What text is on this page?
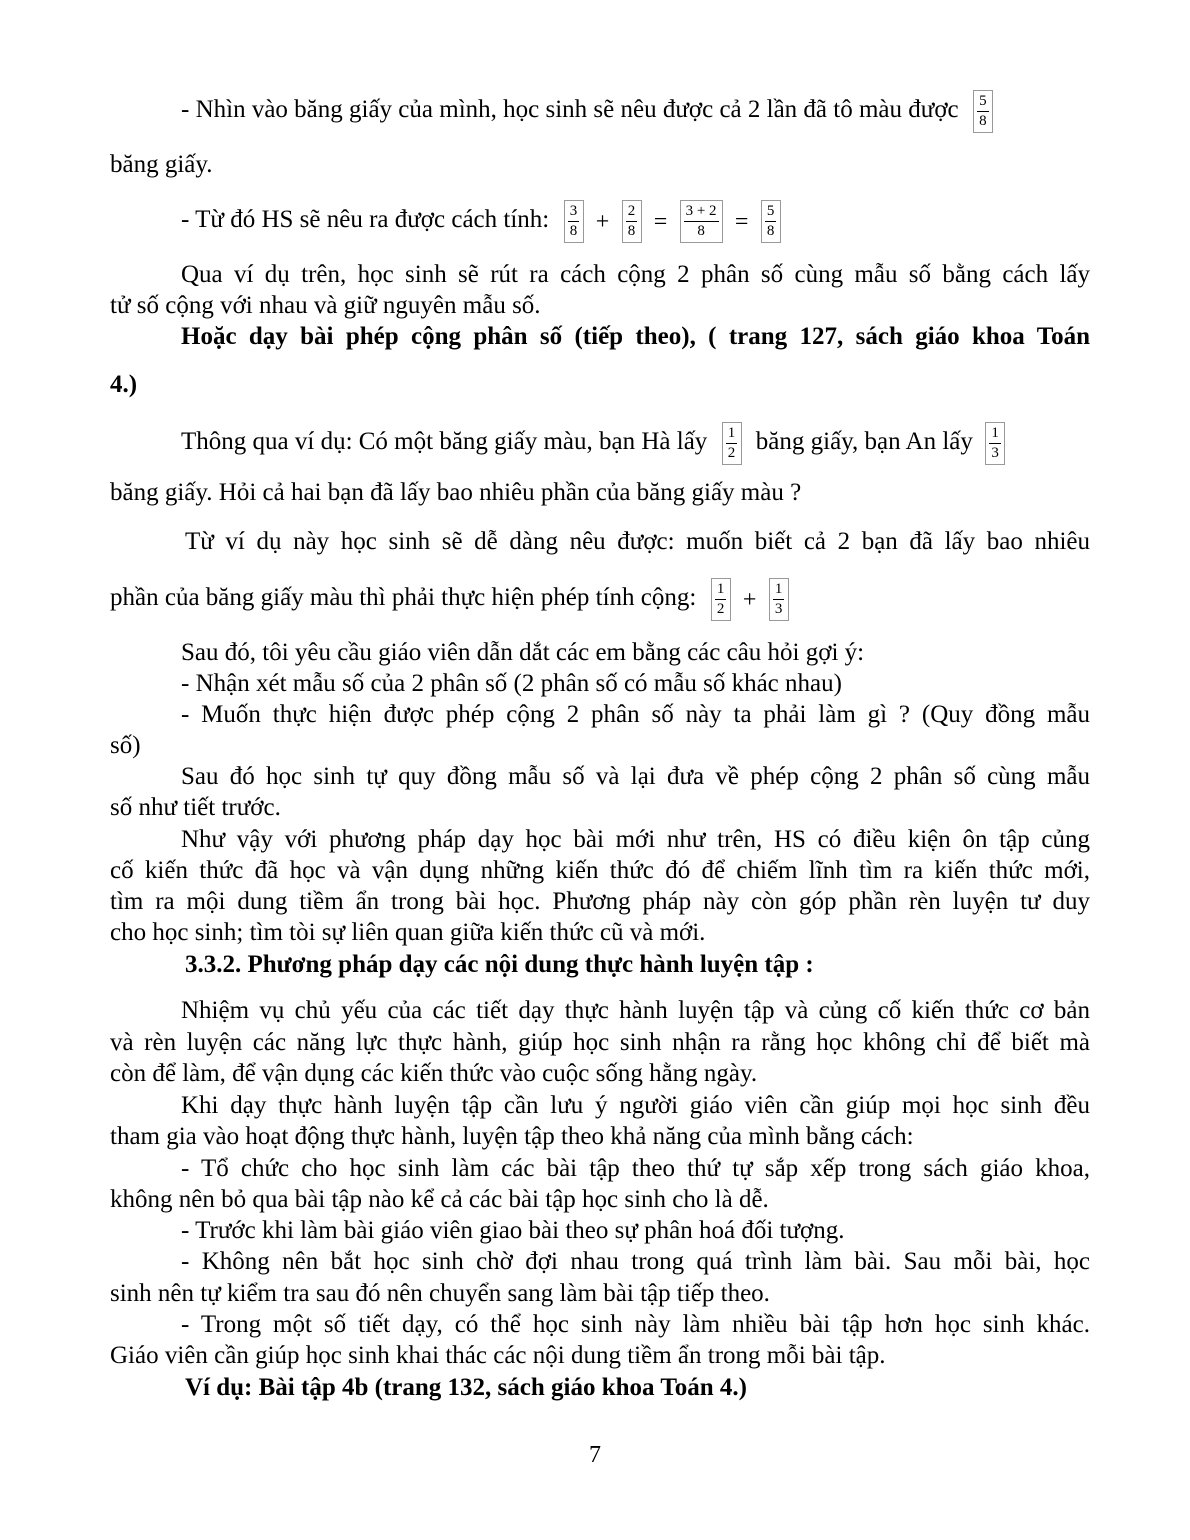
- Nhìn vào băng giấy của mình, học sinh sẽ nêu được cả 2 lần đã tô màu được $\frac{5}{8}$
băng giấy.
- Từ đó HS sẽ nêu ra được cách tính: $\frac{3}{8} + \frac{2}{8} = \frac{3 + 2}{8} = \frac{5}{8}$
Qua ví dụ trên, học sinh sẽ rút ra cách cộng 2 phân số cùng mẫu số bằng cách lấy
tử số cộng với nhau và giữ nguyên mẫu số.
Hoặc dạy bài phép cộng phân số (tiếp theo), ( trang 127, sách giáo khoa Toán
4.)
Thông qua ví dụ: Có một băng giấy màu, bạn Hà lấy $\frac{1}{2}$ băng giấy, bạn An lấy $\frac{1}{3}$
băng giấy. Hỏi cả hai bạn đã lấy bao nhiêu phần của băng giấy màu ?
Từ ví dụ này học sinh sẽ dễ dàng nêu được: muốn biết cả 2 bạn đã lấy bao nhiêu
phần của băng giấy màu thì phải thực hiện phép tính cộng: $\frac{1}{2} + \frac{1}{3}$
Sau đó, tôi yêu cầu giáo viên dẫn dắt các em bằng các câu hỏi gợi ý:
- Nhận xét mẫu số của 2 phân số (2 phân số có mẫu số khác nhau)
- Muốn thực hiện được phép cộng 2 phân số này ta phải làm gì ? (Quy đồng mẫu
số)
Sau đó học sinh tự quy đồng mẫu số và lại đưa về phép cộng 2 phân số cùng mẫu
số như tiết trước.
Như vậy với phương pháp dạy học bài mới như trên, HS có điều kiện ôn tập củng
cố kiến thức đã học và vận dụng những kiến thức đó để chiếm lĩnh tìm ra kiến thức mới,
tìm ra mội dung tiềm ẩn trong bài học. Phương pháp này còn góp phần rèn luyện tư duy
cho học sinh; tìm tòi sự liên quan giữa kiến thức cũ và mới.
3.3.2. Phương pháp dạy các nội dung thực hành luyện tập :
Nhiệm vụ chủ yếu của các tiết dạy thực hành luyện tập và củng cố kiến thức cơ bản
và rèn luyện các năng lực thực hành, giúp học sinh nhận ra rằng học không chỉ để biết mà
còn để làm, để vận dụng các kiến thức vào cuộc sống hằng ngày.
Khi dạy thực hành luyện tập cần lưu ý người giáo viên cần giúp mọi học sinh đều
tham gia vào hoạt động thực hành, luyện tập theo khả năng của mình bằng cách:
- Tổ chức cho học sinh làm các bài tập theo thứ tự sắp xếp trong sách giáo khoa,
không nên bỏ qua bài tập nào kể cả các bài tập học sinh cho là dễ.
- Trước khi làm bài giáo viên giao bài theo sự phân hoá đối tượng.
- Không nên bắt học sinh chờ đợi nhau trong quá trình làm bài. Sau mỗi bài, học
sinh nên tự kiểm tra sau đó nên chuyển sang làm bài tập tiếp theo.
- Trong một số tiết dạy, có thể học sinh này làm nhiều bài tập hơn học sinh khác.
Giáo viên cần giúp học sinh khai thác các nội dung tiềm ẩn trong mỗi bài tập.
Ví dụ: Bài tập 4b (trang 132, sách giáo khoa Toán 4.)
7
